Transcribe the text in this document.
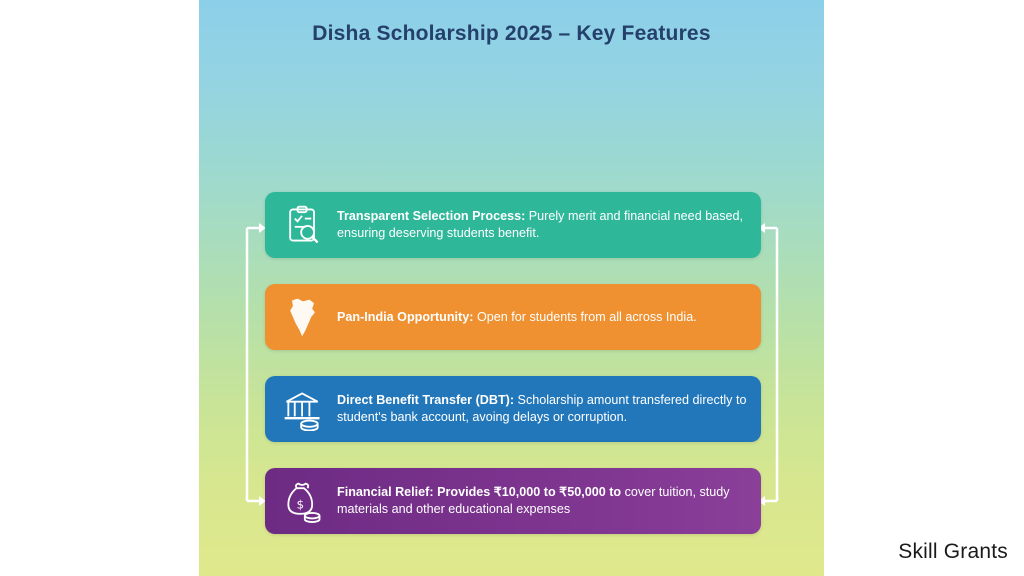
Disha Scholarship 2025 – Key Features
Transparent Selection Process: Purely merit and financial need based, ensuring deserving students benefit.
Pan-India Opportunity: Open for students from all across India.
Direct Benefit Transfer (DBT): Scholarship amount transfered directly to student's bank account, avoing delays or corruption.
$
Financial Relief: Provides ₹10,000 to ₹50,000 to cover tuition, study materials and other educational expenses
Skill Grants
